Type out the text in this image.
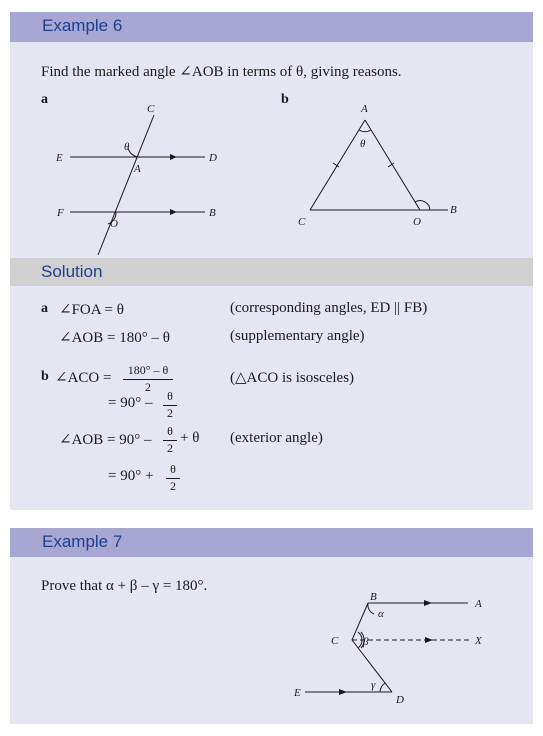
Example 6
Find the marked angle ∠AOB in terms of θ, giving reasons.
a	b
C
E	D
θ
A
F	B
O
A
θ
C	O
B
Solution
a ∠FOA = θ	(corresponding angles, ED || FB)
∠AOB = 180° – θ	(supplementary angle)
b ∠ACO = $\frac{180^\circ - \theta}{2}$	(△ACO is isosceles)
= $90^\circ - \frac{\theta}{2}$
∠AOB = $90^\circ - \frac{\theta}{2} + \theta$ (exterior angle)
= $90^\circ + \frac{\theta}{2}$
Example 7
Prove that α + β – γ = 180°.
B
α
A
C β	X
γ
E
D
